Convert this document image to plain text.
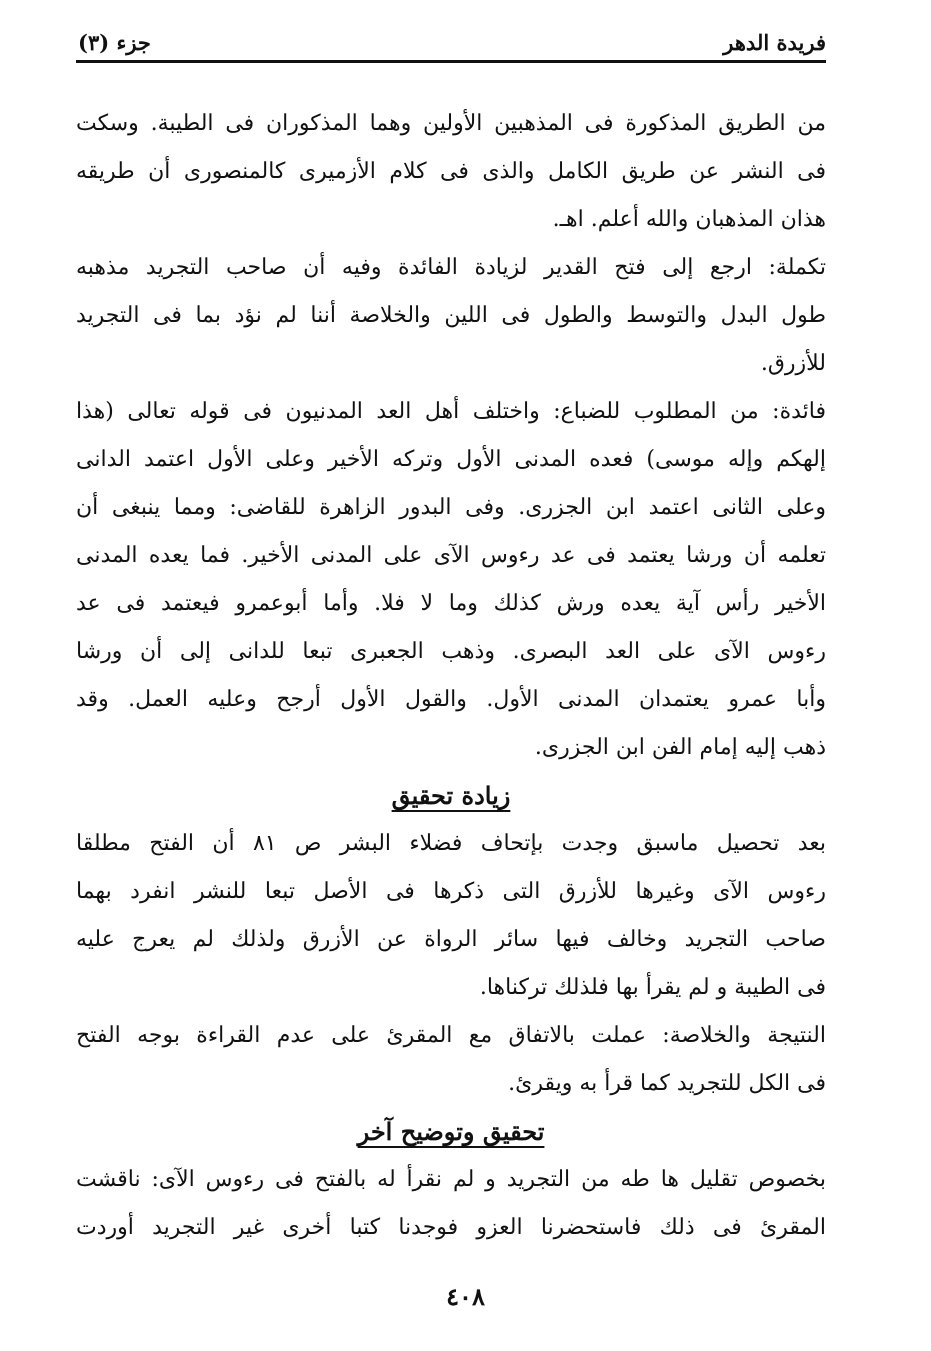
فريدة الدهر
جزء (٣)
من الطريق المذكورة فى المذهبين الأولين وهما المذكوران فى الطيبة. وسكت
فى النشر عن طريق الكامل والذى فى كلام الأزميرى كالمنصورى أن طريقه
هذان المذهبان والله أعلم. اهـ.
تكملة: ارجع إلى فتح القدير لزيادة الفائدة وفيه أن صاحب التجريد مذهبه
طول البدل والتوسط والطول فى اللين والخلاصة أننا لم نؤد بما فى التجريد
للأزرق.
فائدة: من المطلوب للضباع: واختلف أهل العد المدنيون فى قوله تعالى (هذا
إلهكم وإله موسى) فعده المدنى الأول وتركه الأخير وعلى الأول اعتمد الدانى
وعلى الثانى اعتمد ابن الجزرى. وفى البدور الزاهرة للقاضى: ومما ينبغى أن
تعلمه أن ورشا يعتمد فى عد رءوس الآى على المدنى الأخير. فما يعده المدنى
الأخير رأس آية يعده ورش كذلك وما لا فلا. وأما أبوعمرو فيعتمد فى عد
رءوس الآى على العد البصرى. وذهب الجعبرى تبعا للدانى إلى أن ورشا
وأبا عمرو يعتمدان المدنى الأول. والقول الأول أرجح وعليه العمل. وقد
ذهب إليه إمام الفن ابن الجزرى.
زيادة تحقيق
بعد تحصيل ماسبق وجدت بإتحاف فضلاء البشر ص ٨١ أن الفتح مطلقا
رءوس الآى وغيرها للأزرق التى ذكرها فى الأصل تبعا للنشر انفرد بهما
صاحب التجريد وخالف فيها سائر الرواة عن الأزرق ولذلك لم يعرج عليه
فى الطيبة و لم يقرأ بها فلذلك تركناها.
النتيجة والخلاصة: عملت بالاتفاق مع المقرئ على عدم القراءة بوجه الفتح
فى الكل للتجريد كما قرأ به ويقرئ.
تحقيق وتوضيح آخر
بخصوص تقليل ها طه من التجريد و لم نقرأ له بالفتح فى رءوس الآى: ناقشت
المقرئ فى ذلك فاستحضرنا العزو فوجدنا كتبا أخرى غير التجريد أوردت
٤٠٨
